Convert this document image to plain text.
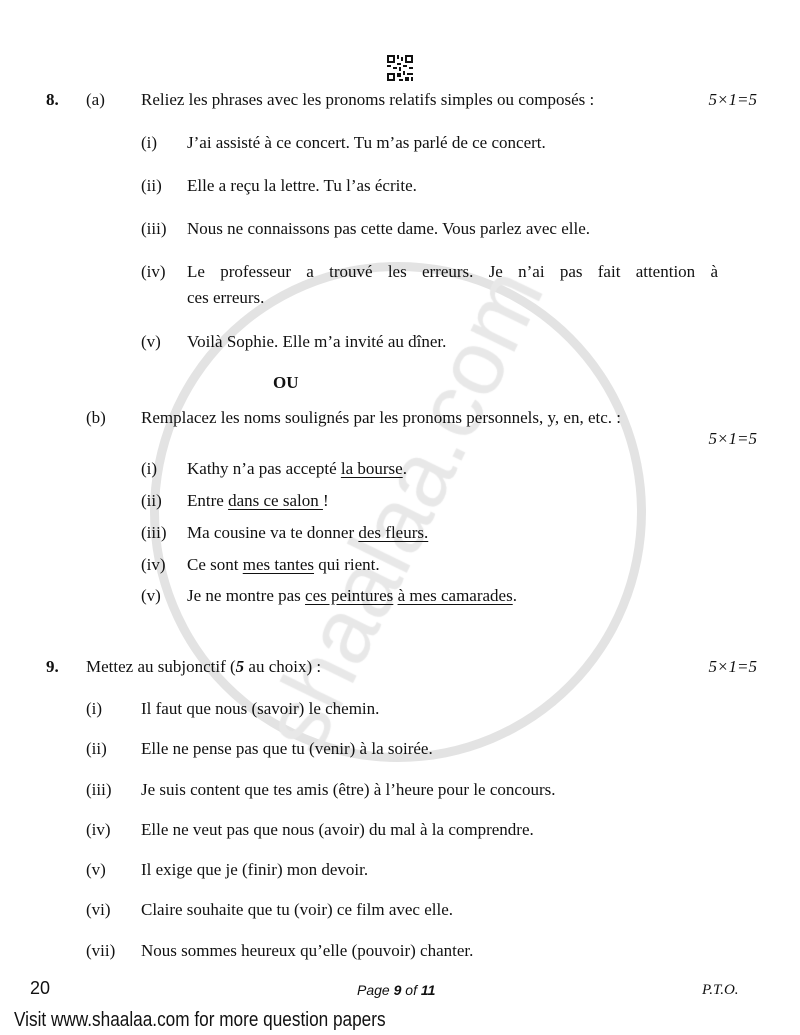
8. (a) Reliez les phrases avec les pronoms relatifs simples ou composés :	5×1=5
(i) J’ai assisté à ce concert. Tu m’as parlé de ce concert.
(ii) Elle a reçu la lettre. Tu l’as écrite.
(iii) Nous ne connaissons pas cette dame. Vous parlez avec elle.
(iv) Le professeur a trouvé les erreurs. Je n’ai pas fait attention à
ces erreurs.
(v) Voilà Sophie. Elle m’a invité au dîner.
OU
(b) Remplacez les noms soulignés par les pronoms personnels, y, en, etc. :
5×1=5
(i) Kathy n’a pas accepté la bourse.
(ii) Entre dans ce salon !
(iii) Ma cousine va te donner des fleurs.
(iv) Ce sont mes tantes qui rient.
(v) Je ne montre pas ces peintures à mes camarades.
9. Mettez au subjonctif (5 au choix) :	5×1=5
(i) Il faut que nous (savoir) le chemin.
(ii) Elle ne pense pas que tu (venir) à la soirée.
(iii) Je suis content que tes amis (être) à l’heure pour le concours.
(iv) Elle ne veut pas que nous (avoir) du mal à la comprendre.
(v) Il exige que je (finir) mon devoir.
(vi) Claire souhaite que tu (voir) ce film avec elle.
(vii) Nous sommes heureux qu’elle (pouvoir) chanter.
20	Page 9 of 11	P.T.O.
Visit www.shaalaa.com for more question papers
